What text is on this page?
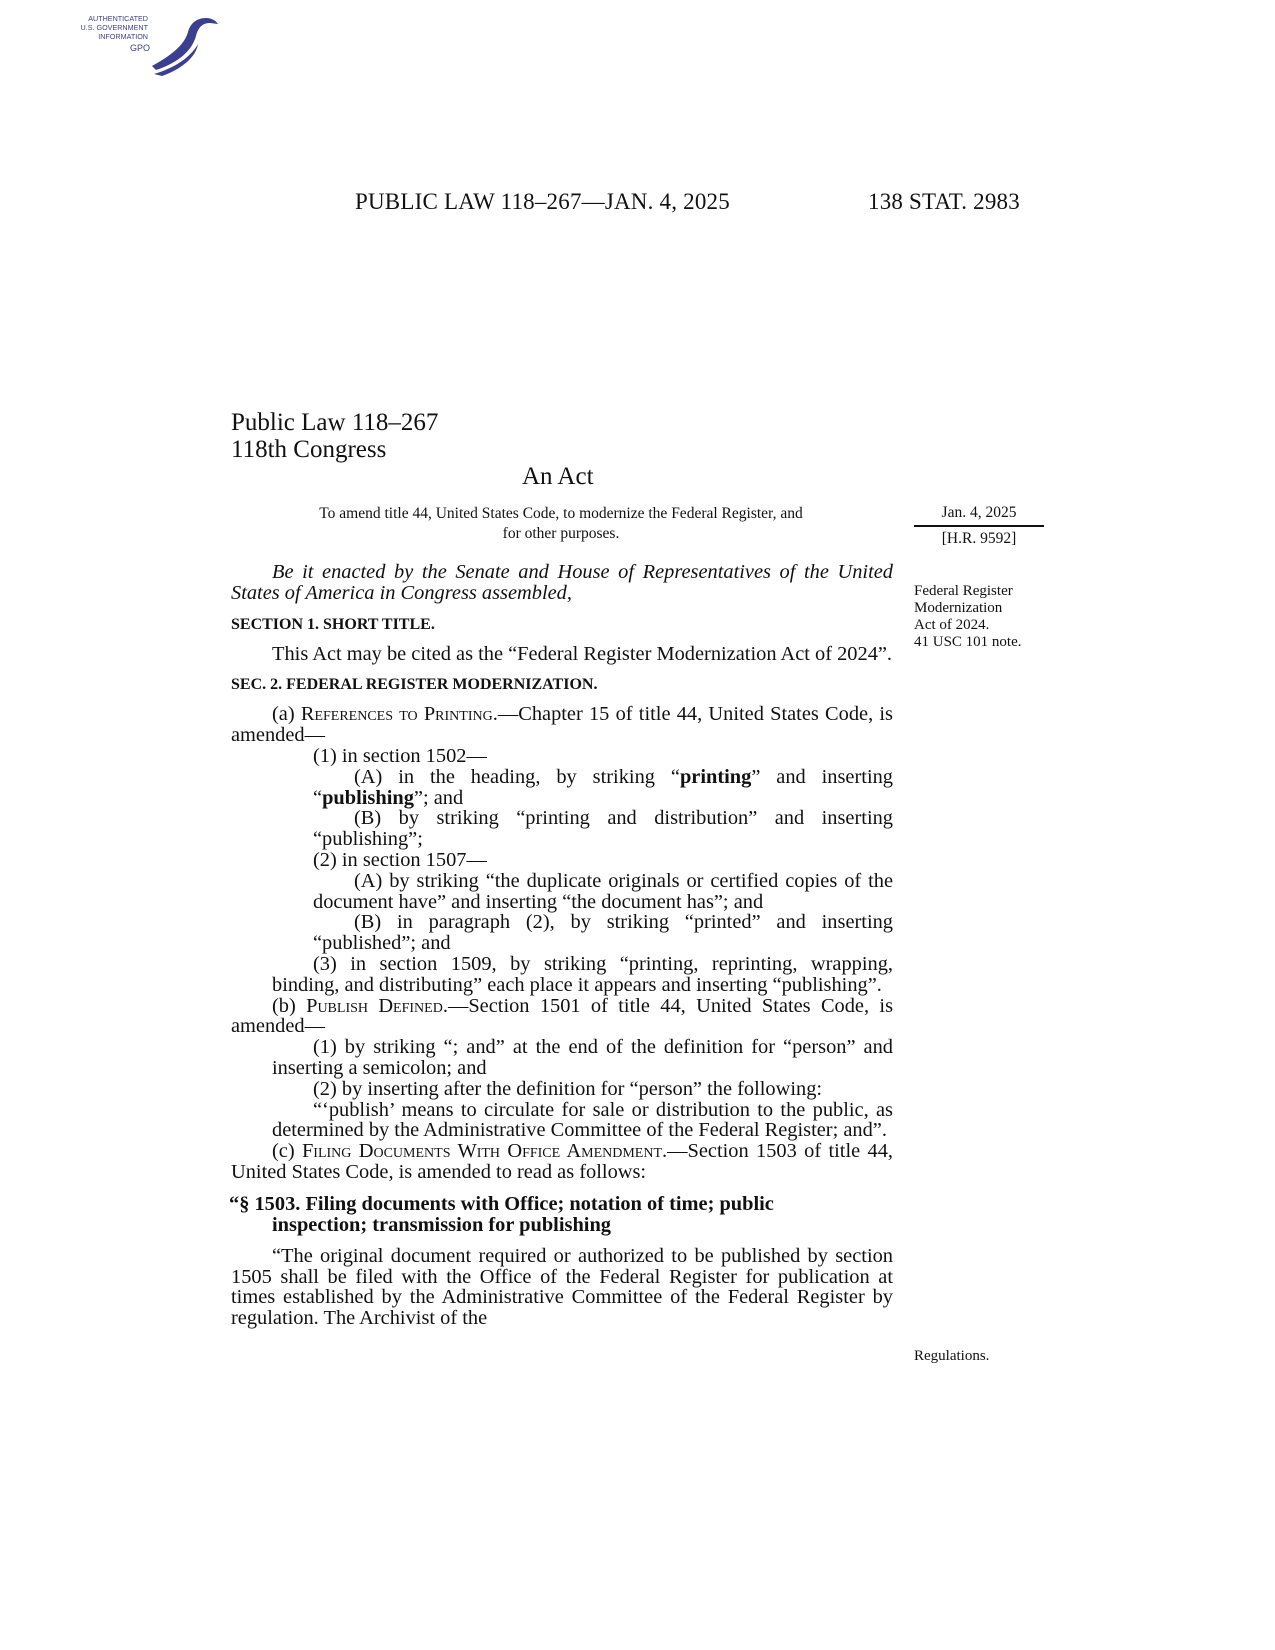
AUTHENTICATED
U.S. GOVERNMENT
INFORMATION
GPO
PUBLIC LAW 118–267—JAN. 4, 2025	138 STAT. 2983
Public Law 118–267
118th Congress
An Act
To amend title 44, United States Code, to modernize the Federal Register, and
for other purposes.
Jan. 4, 2025
[H.R. 9592]
Federal Register
Modernization
Act of 2024.
41 USC 101 note.
Regulations.

Be it enacted by the Senate and House of Representatives of the United States of America in Congress assembled,

SECTION 1. SHORT TITLE.

This Act may be cited as the “Federal Register Modernization Act of 2024”.

SEC. 2. FEDERAL REGISTER MODERNIZATION.

(a) References to Printing.—Chapter 15 of title 44, United States Code, is amended—

(1) in section 1502—

(A) in the heading, by striking “printing” and inserting “publishing”; and

(B) by striking “printing and distribution” and inserting “publishing”;

(2) in section 1507—

(A) by striking “the duplicate originals or certified copies of the document have” and inserting “the document has”; and

(B) in paragraph (2), by striking “printed” and inserting “published”; and

(3) in section 1509, by striking “printing, reprinting, wrapping, binding, and distributing” each place it appears and inserting “publishing”.

(b) Publish Defined.—Section 1501 of title 44, United States Code, is amended—

(1) by striking “; and” at the end of the definition for “person” and inserting a semicolon; and

(2) by inserting after the definition for “person” the following:

“‘publish’ means to circulate for sale or distribution to the public, as determined by the Administrative Committee of the Federal Register; and”.

(c) Filing Documents With Office Amendment.—Section 1503 of title 44, United States Code, is amended to read as follows:

“§ 1503. Filing documents with Office; notation of time; public
inspection; transmission for publishing

“The original document required or authorized to be published by section 1505 shall be filed with the Office of the Federal Register for publication at times established by the Administrative Committee of the Federal Register by regulation. The Archivist of the
